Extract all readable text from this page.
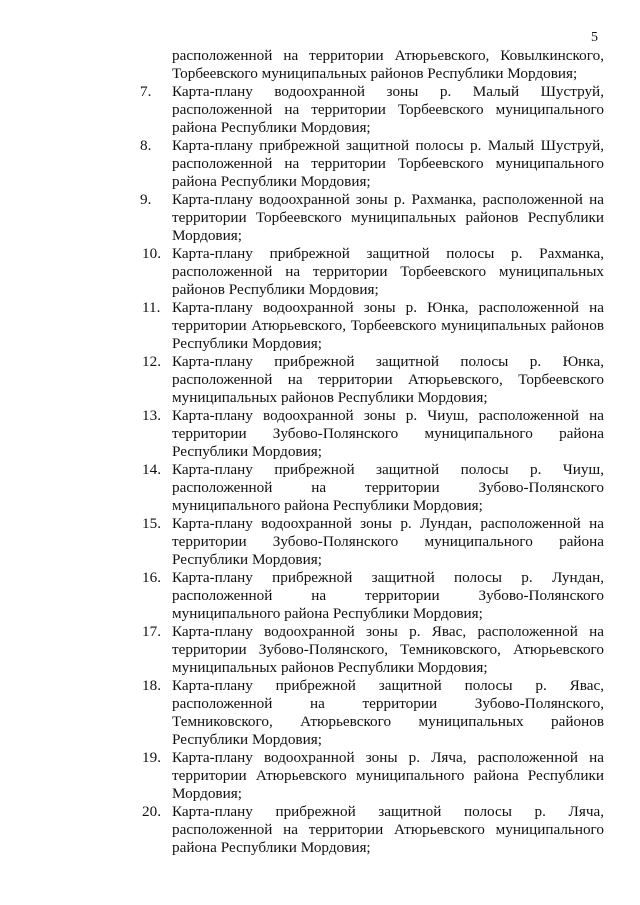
5
расположенной на территории Атюрьевского, Ковылкинского, Торбеевского муниципальных районов Республики Мордовия;
7.	Карта-плану водоохранной зоны р. Малый Шуструй, расположенной на территории Торбеевского муниципального района Республики Мордовия;
8.	Карта-плану прибрежной защитной полосы р. Малый Шуструй, расположенной на территории Торбеевского муниципального района Республики Мордовия;
9.	Карта-плану водоохранной зоны р. Рахманка, расположенной на территории Торбеевского муниципальных районов Республики Мордовия;
10. Карта-плану прибрежной защитной полосы р. Рахманка, расположенной на территории Торбеевского муниципальных районов Республики Мордовия;
11. Карта-плану водоохранной зоны р. Юнка, расположенной на территории Атюрьевского, Торбеевского муниципальных районов Республики Мордовия;
12. Карта-плану прибрежной защитной полосы р. Юнка, расположенной на территории Атюрьевского, Торбеевского муниципальных районов Республики Мордовия;
13. Карта-плану водоохранной зоны р. Чиуш, расположенной на территории Зубово-Полянского муниципального района Республики Мордовия;
14. Карта-плану прибрежной защитной полосы р. Чиуш, расположенной на территории Зубово-Полянского муниципального района Республики Мордовия;
15. Карта-плану водоохранной зоны р. Лундан, расположенной на территории Зубово-Полянского муниципального района Республики Мордовия;
16. Карта-плану прибрежной защитной полосы р. Лундан, расположенной на территории Зубово-Полянского муниципального района Республики Мордовия;
17. Карта-плану водоохранной зоны р. Явас, расположенной на территории Зубово-Полянского, Темниковского, Атюрьевского муниципальных районов Республики Мордовия;
18. Карта-плану прибрежной защитной полосы р. Явас, расположенной на территории Зубово-Полянского, Темниковского, Атюрьевского муниципальных районов Республики Мордовия;
19. Карта-плану водоохранной зоны р. Ляча, расположенной на территории Атюрьевского муниципального района Республики Мордовия;
20. Карта-плану прибрежной защитной полосы р. Ляча, расположенной на территории Атюрьевского муниципального района Республики Мордовия;
